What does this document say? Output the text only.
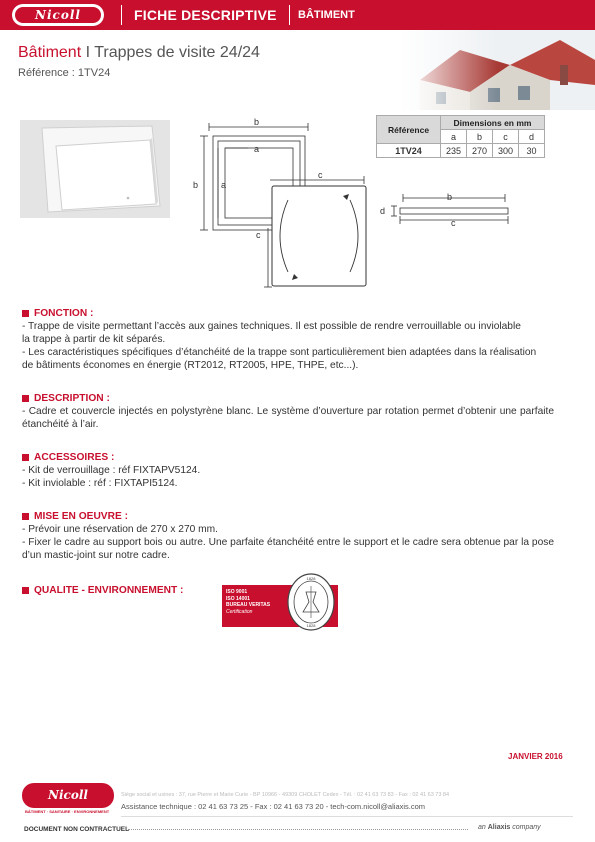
Nicoll	FICHE DESCRIPTIVE BÂTIMENT
Bâtiment I Trappes de visite 24/24
Référence : 1TV24
b
b	a
a
c
c
Référence	Dimensions en mm			
	a	b	c	d
1TV24	235	270	300	30
d
b
c
FONCTION :
- Trappe de visite permettant l’accès aux gaines techniques. Il est possible de rendre verrouillable ou inviolable
la trappe à partir de kit séparés.
- Les caractéristiques spécifiques d’étanchéité de la trappe sont particulièrement bien adaptées dans la réalisation
de bâtiments économes en énergie (RT2012, RT2005, HPE, THPE, etc...).
DESCRIPTION :
- Cadre et couvercle injectés en polystyrène blanc. Le système d’ouverture par rotation permet d’obtenir une parfaite étanchéité à l’air.
ACCESSOIRES :
- Kit de verrouillage : réf FIXTAPV5124.
- Kit inviolable : réf : FIXTAPI5124.
MISE EN OEUVRE :
- Prévoir une réservation de 270 x 270 mm.
- Fixer le cadre au support bois ou autre. Une parfaite étanchéité entre le support et le cadre sera obtenue par la pose d’un mastic-joint sur notre cadre.
QUALITE - ENVIRONNEMENT :	ISO 9001
ISO 14001
BUREAU VERITAS
Certification
1828
1828
JANVIER 2016
Nicoll
BÂTIMENT · SANITAIRE · ENVIRONNEMENT
Siège social et usines : 37, rue Pierre et Marie Curie - BP 10966 - 49309 CHOLET Cedex - Tél. : 02 41 63 73 83 - Fax : 02 41 63 73 84
Assistance technique : 02 41 63 73 25 - Fax : 02 41 63 73 20 - tech-com.nicoll@aliaxis.com
DOCUMENT NON CONTRACTUEL	an Aliaxis company
